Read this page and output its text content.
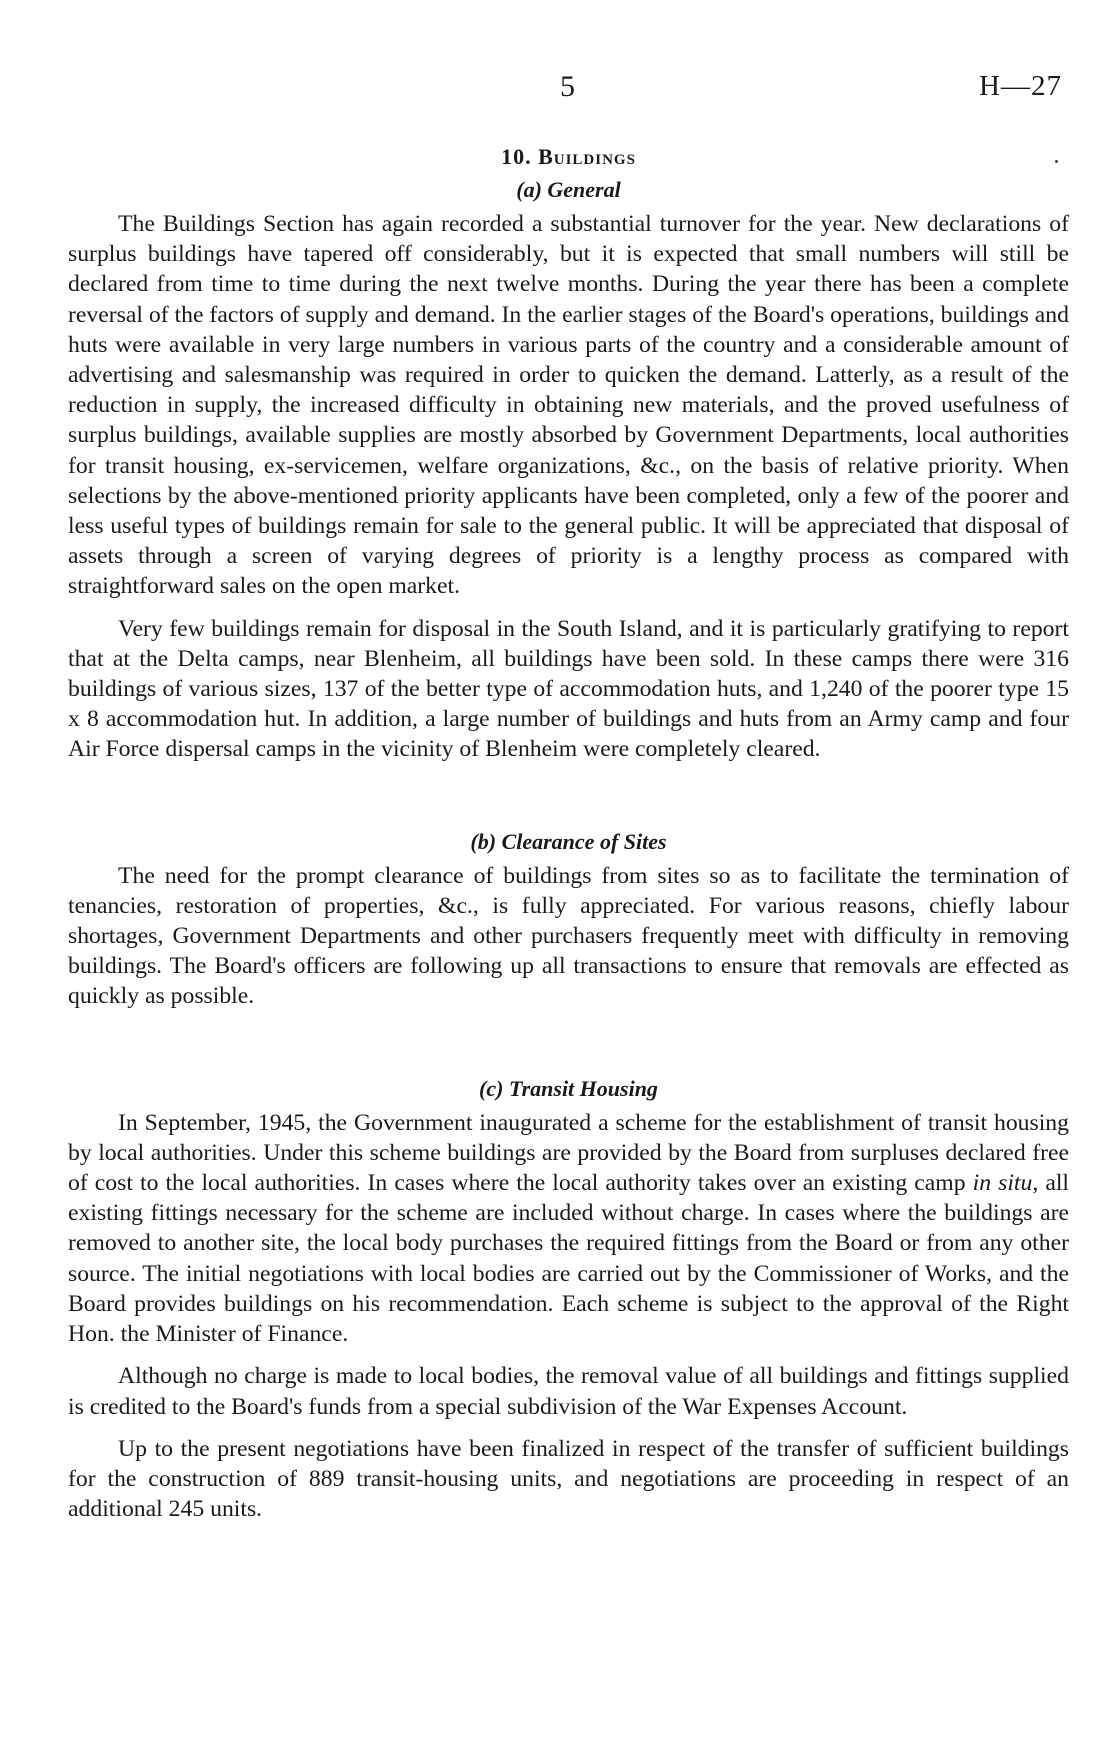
5	H—27
10. Buildings
(a) General

The Buildings Section has again recorded a substantial turnover for the year. New declarations of surplus buildings have tapered off considerably, but it is expected that small numbers will still be declared from time to time during the next twelve months. During the year there has been a complete reversal of the factors of supply and demand. In the earlier stages of the Board's operations, buildings and huts were available in very large numbers in various parts of the country and a considerable amount of advertising and salesmanship was required in order to quicken the demand. Latterly, as a result of the reduction in supply, the increased difficulty in obtaining new materials, and the proved usefulness of surplus buildings, available supplies are mostly absorbed by Government Departments, local authorities for transit housing, ex-servicemen, welfare organizations, &c., on the basis of relative priority. When selections by the above-mentioned priority applicants have been completed, only a few of the poorer and less useful types of buildings remain for sale to the general public. It will be appreciated that disposal of assets through a screen of varying degrees of priority is a lengthy process as compared with straightforward sales on the open market.

Very few buildings remain for disposal in the South Island, and it is particularly gratifying to report that at the Delta camps, near Blenheim, all buildings have been sold. In these camps there were 316 buildings of various sizes, 137 of the better type of accommodation huts, and 1,240 of the poorer type 15 x 8 accommodation hut. In addition, a large number of buildings and huts from an Army camp and four Air Force dispersal camps in the vicinity of Blenheim were completely cleared.

(b) Clearance of Sites

The need for the prompt clearance of buildings from sites so as to facilitate the termination of tenancies, restoration of properties, &c., is fully appreciated. For various reasons, chiefly labour shortages, Government Departments and other purchasers frequently meet with difficulty in removing buildings. The Board's officers are following up all transactions to ensure that removals are effected as quickly as possible.

(c) Transit Housing

In September, 1945, the Government inaugurated a scheme for the establishment of transit housing by local authorities. Under this scheme buildings are provided by the Board from surpluses declared free of cost to the local authorities. In cases where the local authority takes over an existing camp in situ, all existing fittings necessary for the scheme are included without charge. In cases where the buildings are removed to another site, the local body purchases the required fittings from the Board or from any other source. The initial negotiations with local bodies are carried out by the Commissioner of Works, and the Board provides buildings on his recommendation. Each scheme is subject to the approval of the Right Hon. the Minister of Finance.

Although no charge is made to local bodies, the removal value of all buildings and fittings supplied is credited to the Board's funds from a special subdivision of the War Expenses Account.

Up to the present negotiations have been finalized in respect of the transfer of sufficient buildings for the construction of 889 transit-housing units, and negotiations are proceeding in respect of an additional 245 units.
